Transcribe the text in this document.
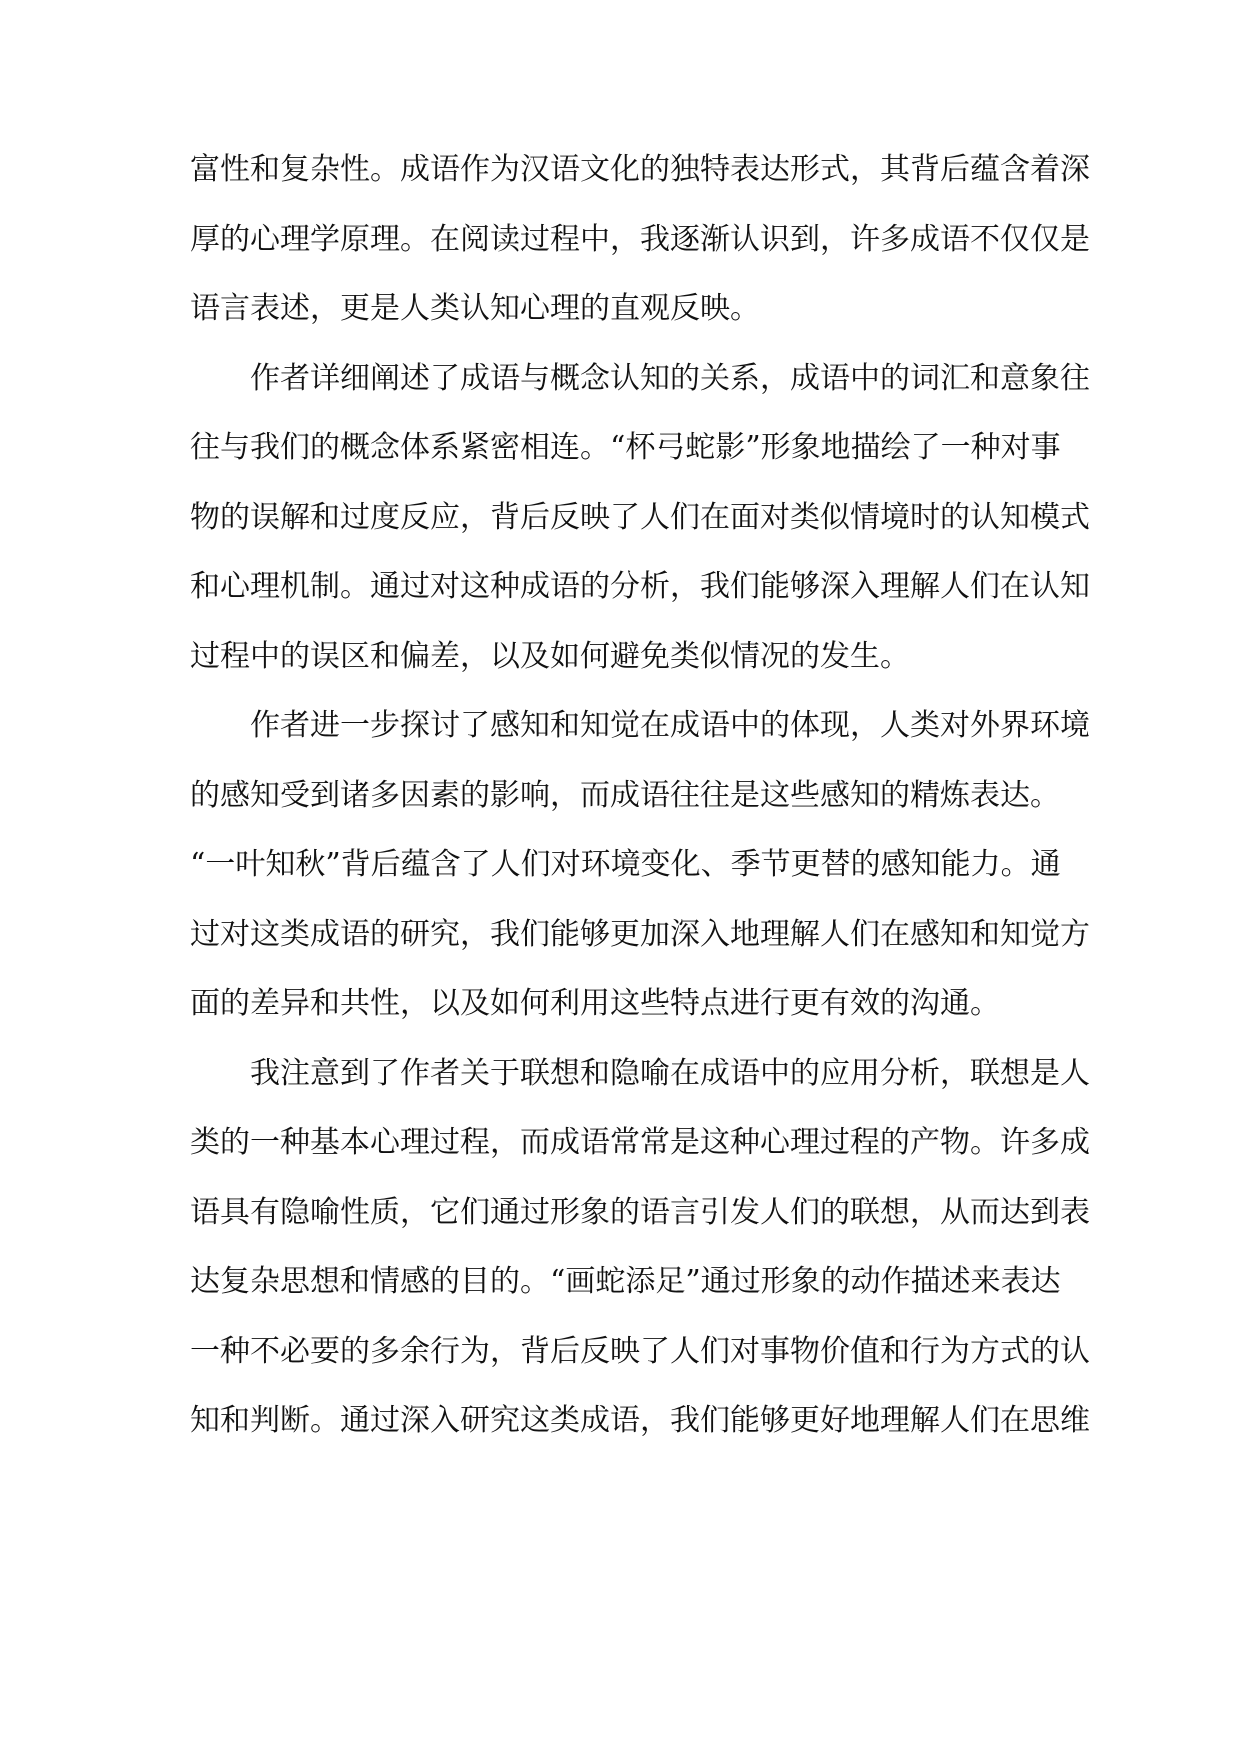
富性和复杂性。成语作为汉语文化的独特表达形式，其背后蕴含着深
厚的心理学原理。在阅读过程中，我逐渐认识到，许多成语不仅仅是
语言表述，更是人类认知心理的直观反映。
作者详细阐述了成语与概念认知的关系，成语中的词汇和意象往
往与我们的概念体系紧密相连。“杯弓蛇影”形象地描绘了一种对事
物的误解和过度反应，背后反映了人们在面对类似情境时的认知模式
和心理机制。通过对这种成语的分析，我们能够深入理解人们在认知
过程中的误区和偏差，以及如何避免类似情况的发生。
作者进一步探讨了感知和知觉在成语中的体现，人类对外界环境
的感知受到诸多因素的影响，而成语往往是这些感知的精炼表达。
“一叶知秋”背后蕴含了人们对环境变化、季节更替的感知能力。通
过对这类成语的研究，我们能够更加深入地理解人们在感知和知觉方
面的差异和共性，以及如何利用这些特点进行更有效的沟通。
我注意到了作者关于联想和隐喻在成语中的应用分析，联想是人
类的一种基本心理过程，而成语常常是这种心理过程的产物。许多成
语具有隐喻性质，它们通过形象的语言引发人们的联想，从而达到表
达复杂思想和情感的目的。“画蛇添足”通过形象的动作描述来表达
一种不必要的多余行为，背后反映了人们对事物价值和行为方式的认
知和判断。通过深入研究这类成语，我们能够更好地理解人们在思维
